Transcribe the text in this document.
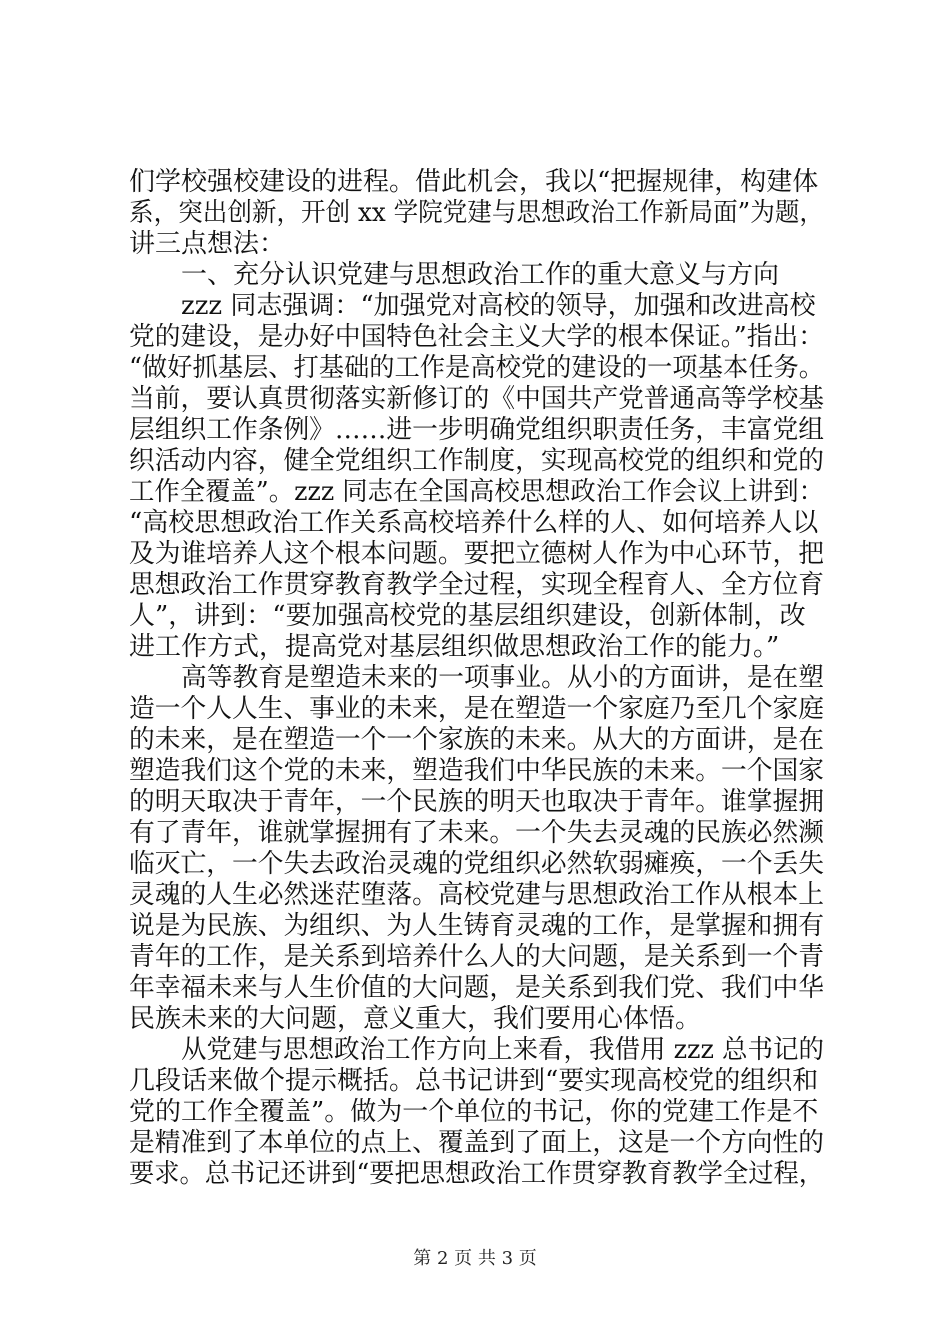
们学校强校建设的进程。借此机会，我以“把握规律，构建体
系，突出创新，开创 xx 学院党建与思想政治工作新局面”为题，
讲三点想法：
一、充分认识党建与思想政治工作的重大意义与方向
zzz 同志强调：“加强党对高校的领导，加强和改进高校
党的建设，是办好中国特色社会主义大学的根本保证。”指出：
“做好抓基层、打基础的工作是高校党的建设的一项基本任务。
当前，要认真贯彻落实新修订的《中国共产党普通高等学校基
层组织工作条例》……进一步明确党组织职责任务，丰富党组
织活动内容，健全党组织工作制度，实现高校党的组织和党的
工作全覆盖”。zzz 同志在全国高校思想政治工作会议上讲到：
“高校思想政治工作关系高校培养什么样的人、如何培养人以
及为谁培养人这个根本问题。要把立德树人作为中心环节，把
思想政治工作贯穿教育教学全过程，实现全程育人、全方位育
人”，讲到：“要加强高校党的基层组织建设，创新体制，改
进工作方式，提高党对基层组织做思想政治工作的能力。”
高等教育是塑造未来的一项事业。从小的方面讲，是在塑
造一个人人生、事业的未来，是在塑造一个家庭乃至几个家庭
的未来，是在塑造一个一个家族的未来。从大的方面讲，是在
塑造我们这个党的未来，塑造我们中华民族的未来。一个国家
的明天取决于青年，一个民族的明天也取决于青年。谁掌握拥
有了青年，谁就掌握拥有了未来。一个失去灵魂的民族必然濒
临灭亡，一个失去政治灵魂的党组织必然软弱瘫痪，一个丢失
灵魂的人生必然迷茫堕落。高校党建与思想政治工作从根本上
说是为民族、为组织、为人生铸育灵魂的工作，是掌握和拥有
青年的工作，是关系到培养什么人的大问题，是关系到一个青
年幸福未来与人生价值的大问题，是关系到我们党、我们中华
民族未来的大问题，意义重大，我们要用心体悟。
从党建与思想政治工作方向上来看，我借用 zzz 总书记的
几段话来做个提示概括。总书记讲到“要实现高校党的组织和
党的工作全覆盖”。做为一个单位的书记，你的党建工作是不
是精准到了本单位的点上、覆盖到了面上，这是一个方向性的
要求。总书记还讲到“要把思想政治工作贯穿教育教学全过程，
第 2 页 共 3 页
